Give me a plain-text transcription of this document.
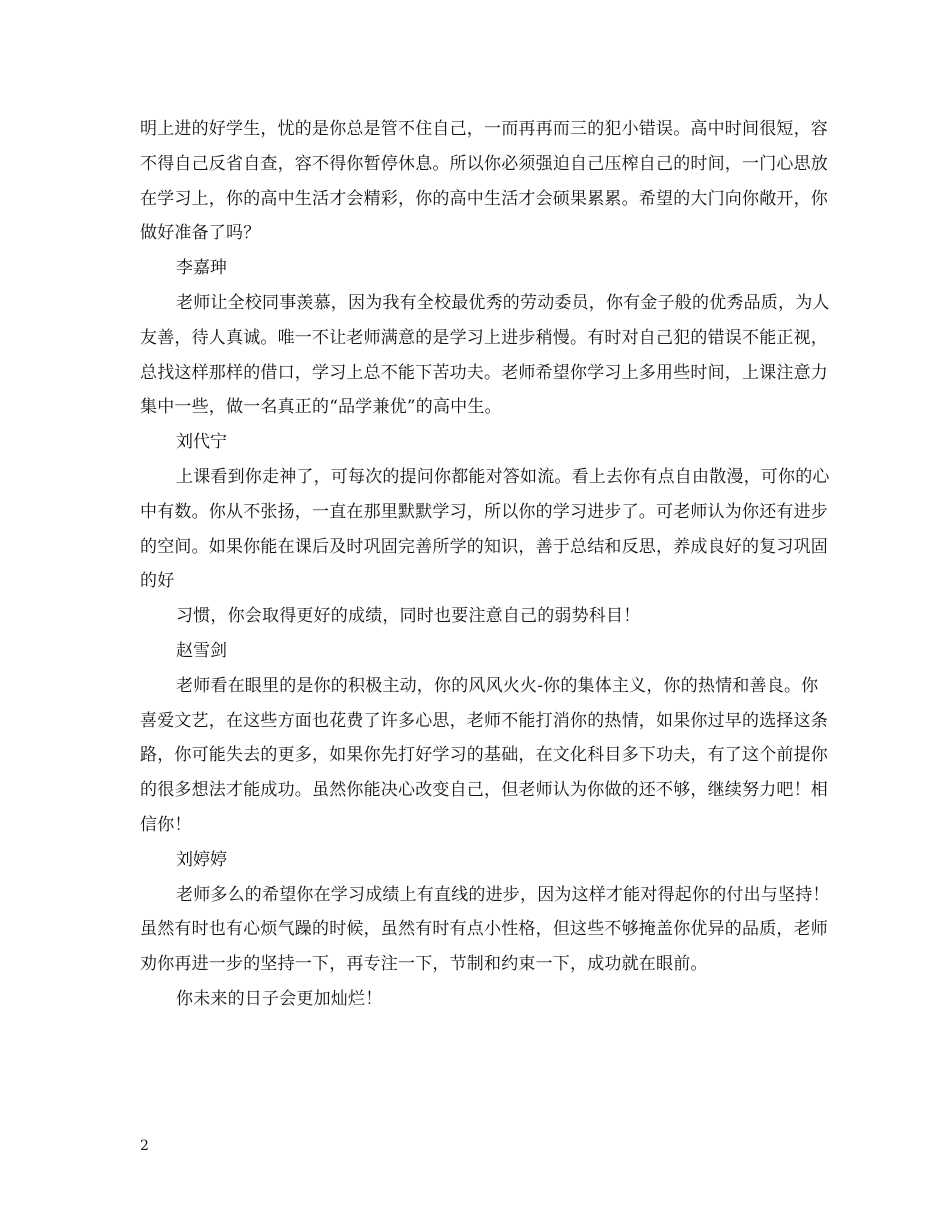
明上进的好学生，忧的是你总是管不住自己，一而再再而三的犯小错误。高中时间很短，容不得自己反省自查，容不得你暂停休息。所以你必须强迫自己压榨自己的时间，一门心思放在学习上，你的高中生活才会精彩，你的高中生活才会硕果累累。希望的大门向你敞开，你做好准备了吗？

李嘉珅

老师让全校同事羡慕，因为我有全校最优秀的劳动委员，你有金子般的优秀品质，为人友善，待人真诚。唯一不让老师满意的是学习上进步稍慢。有时对自己犯的错误不能正视，总找这样那样的借口，学习上总不能下苦功夫。老师希望你学习上多用些时间，上课注意力集中一些，做一名真正的“品学兼优”的高中生。

刘代宁

上课看到你走神了，可每次的提问你都能对答如流。看上去你有点自由散漫，可你的心中有数。你从不张扬，一直在那里默默学习，所以你的学习进步了。可老师认为你还有进步的空间。如果你能在课后及时巩固完善所学的知识，善于总结和反思，养成良好的复习巩固的好

习惯，你会取得更好的成绩，同时也要注意自己的弱势科目！

赵雪剑

老师看在眼里的是你的积极主动，你的风风火火-你的集体主义，你的热情和善良。你喜爱文艺，在这些方面也花费了许多心思，老师不能打消你的热情，如果你过早的选择这条路，你可能失去的更多，如果你先打好学习的基础，在文化科目多下功夫，有了这个前提你的很多想法才能成功。虽然你能决心改变自己，但老师认为你做的还不够，继续努力吧！相信你！

刘婷婷

老师多么的希望你在学习成绩上有直线的进步，因为这样才能对得起你的付出与坚持！虽然有时也有心烦气躁的时候，虽然有时有点小性格，但这些不够掩盖你优异的品质，老师劝你再进一步的坚持一下，再专注一下，节制和约束一下，成功就在眼前。

你未来的日子会更加灿烂！

2
